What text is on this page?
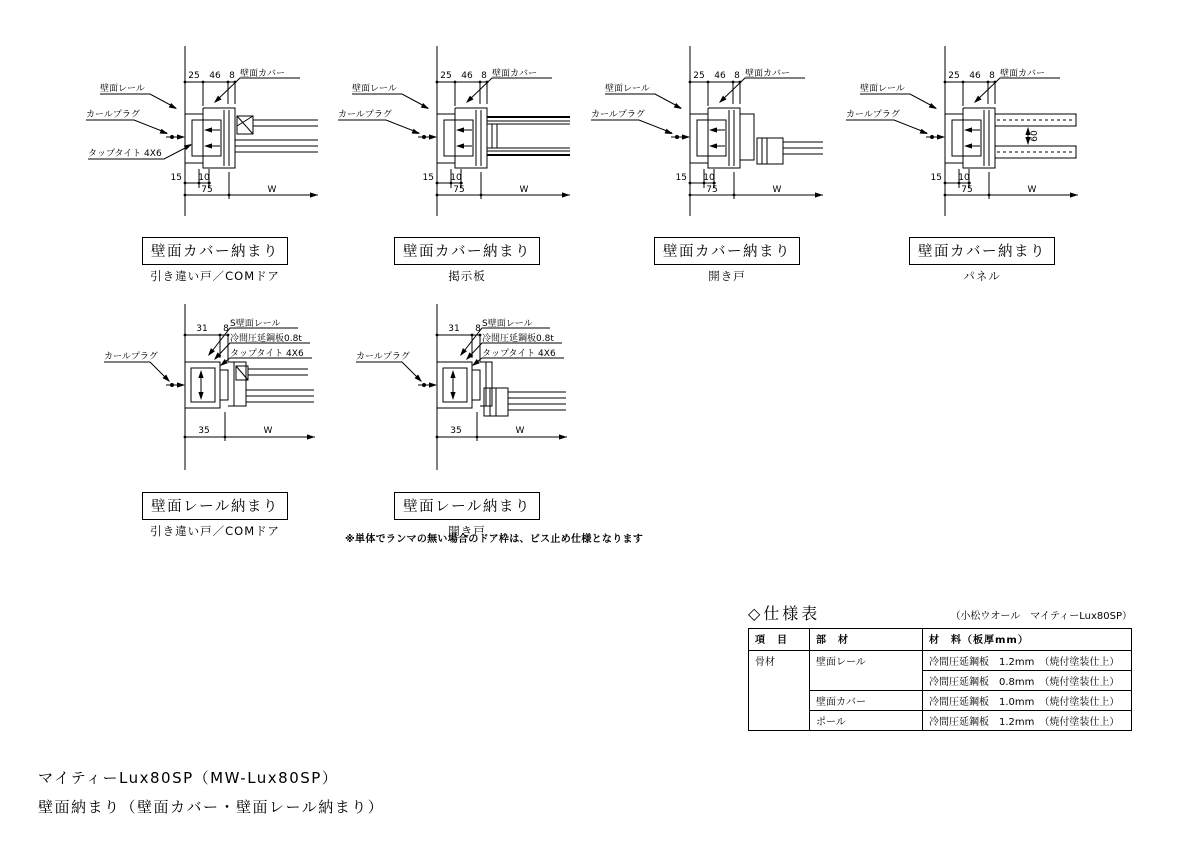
25 46 8
壁面レール
壁面カバー
カールプラグ
タップタイト 4X6
15 10
75	W
壁面カバー納まり
引き違い戸／COMドア
25 46 8
壁面レール
壁面カバー
カールプラグ
15 10
75	W
壁面カバー納まり
掲示板
25 46 8
壁面レール
壁面カバー
カールプラグ
15 10
75	W
壁面カバー納まり
開き戸
25 46 8
60
壁面レール
壁面カバー
カールプラグ
15 10
75	W
壁面カバー納まり
パネル
31 8
カールプラグ
S壁面レール
冷間圧延鋼板0.8t
タップタイト 4X6
35	W
壁面レール納まり
引き違い戸／COMドア
31 8
カールプラグ
S壁面レール
冷間圧延鋼板0.8t
タップタイト 4X6
35	W
壁面レール納まり
開き戸
※単体でランマの無い場合のドア枠は、ビス止め仕様となります
◇仕様表	（小松ウオール　マイティーLux80SP）
項　目	部　材	材　料（板厚mm）
骨材	壁面レール	冷間圧延鋼板　1.2mm　（焼付塗装仕上）
		冷間圧延鋼板　0.8mm　（焼付塗装仕上）
	壁面カバー	冷間圧延鋼板　1.0mm　（焼付塗装仕上）
	ポール	冷間圧延鋼板　1.2mm　（焼付塗装仕上）
マイティーLux80SP（MW-Lux80SP）
壁面納まり（壁面カバー・壁面レール納まり）
